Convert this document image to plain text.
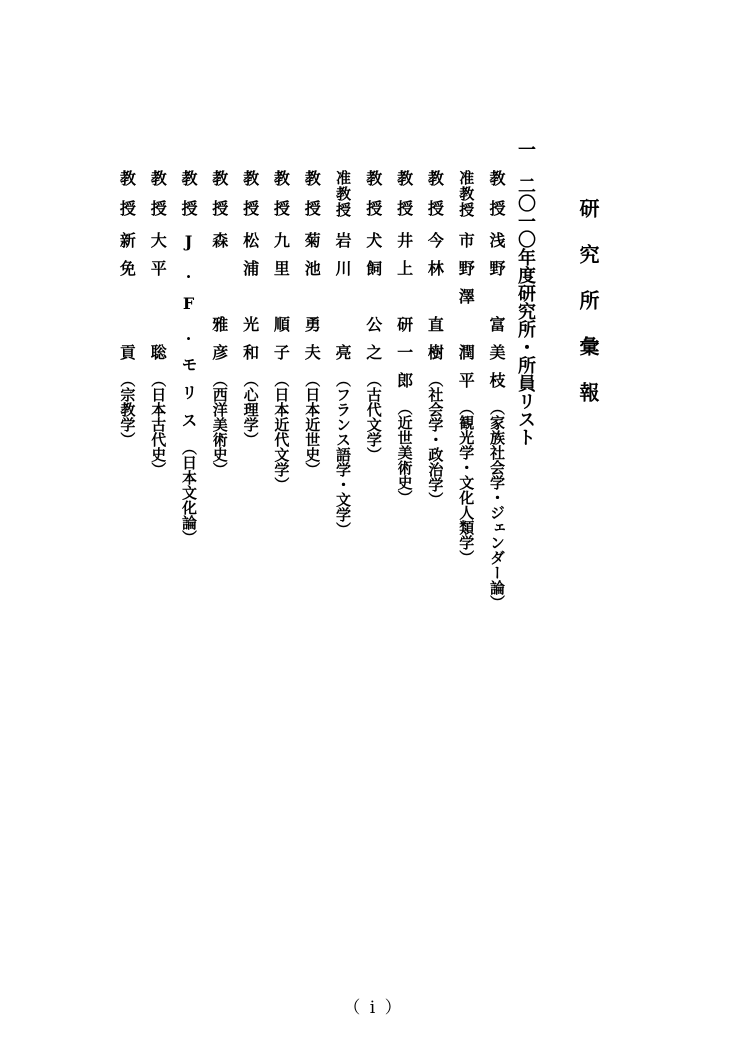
研究所彙報
一　二〇一〇年度研究所・所員リスト
教授
浅野　富美枝
（家族社会学・ジェンダー論）
准教授
市野澤　潤平
（観光学・文化人類学）
教授
今林　直樹
（社会学・政治学）
教授
井上　研一郎
（近世美術史）
教授
犬飼　公之
（古代文学）
准教授
岩川　　亮
（フランス語学・文学）
教授
菊池　勇夫
（日本近世史）
教授
九里　順子
（日本近代文学）
教授
松浦　光和
（心理学）
教授
森　　雅彦
（西洋美術史）
教授
J.F.モリス
（日本文化論）
教授
大平　　聡
（日本古代史）
教授
新免　　貢
（宗教学）
（ i ）
